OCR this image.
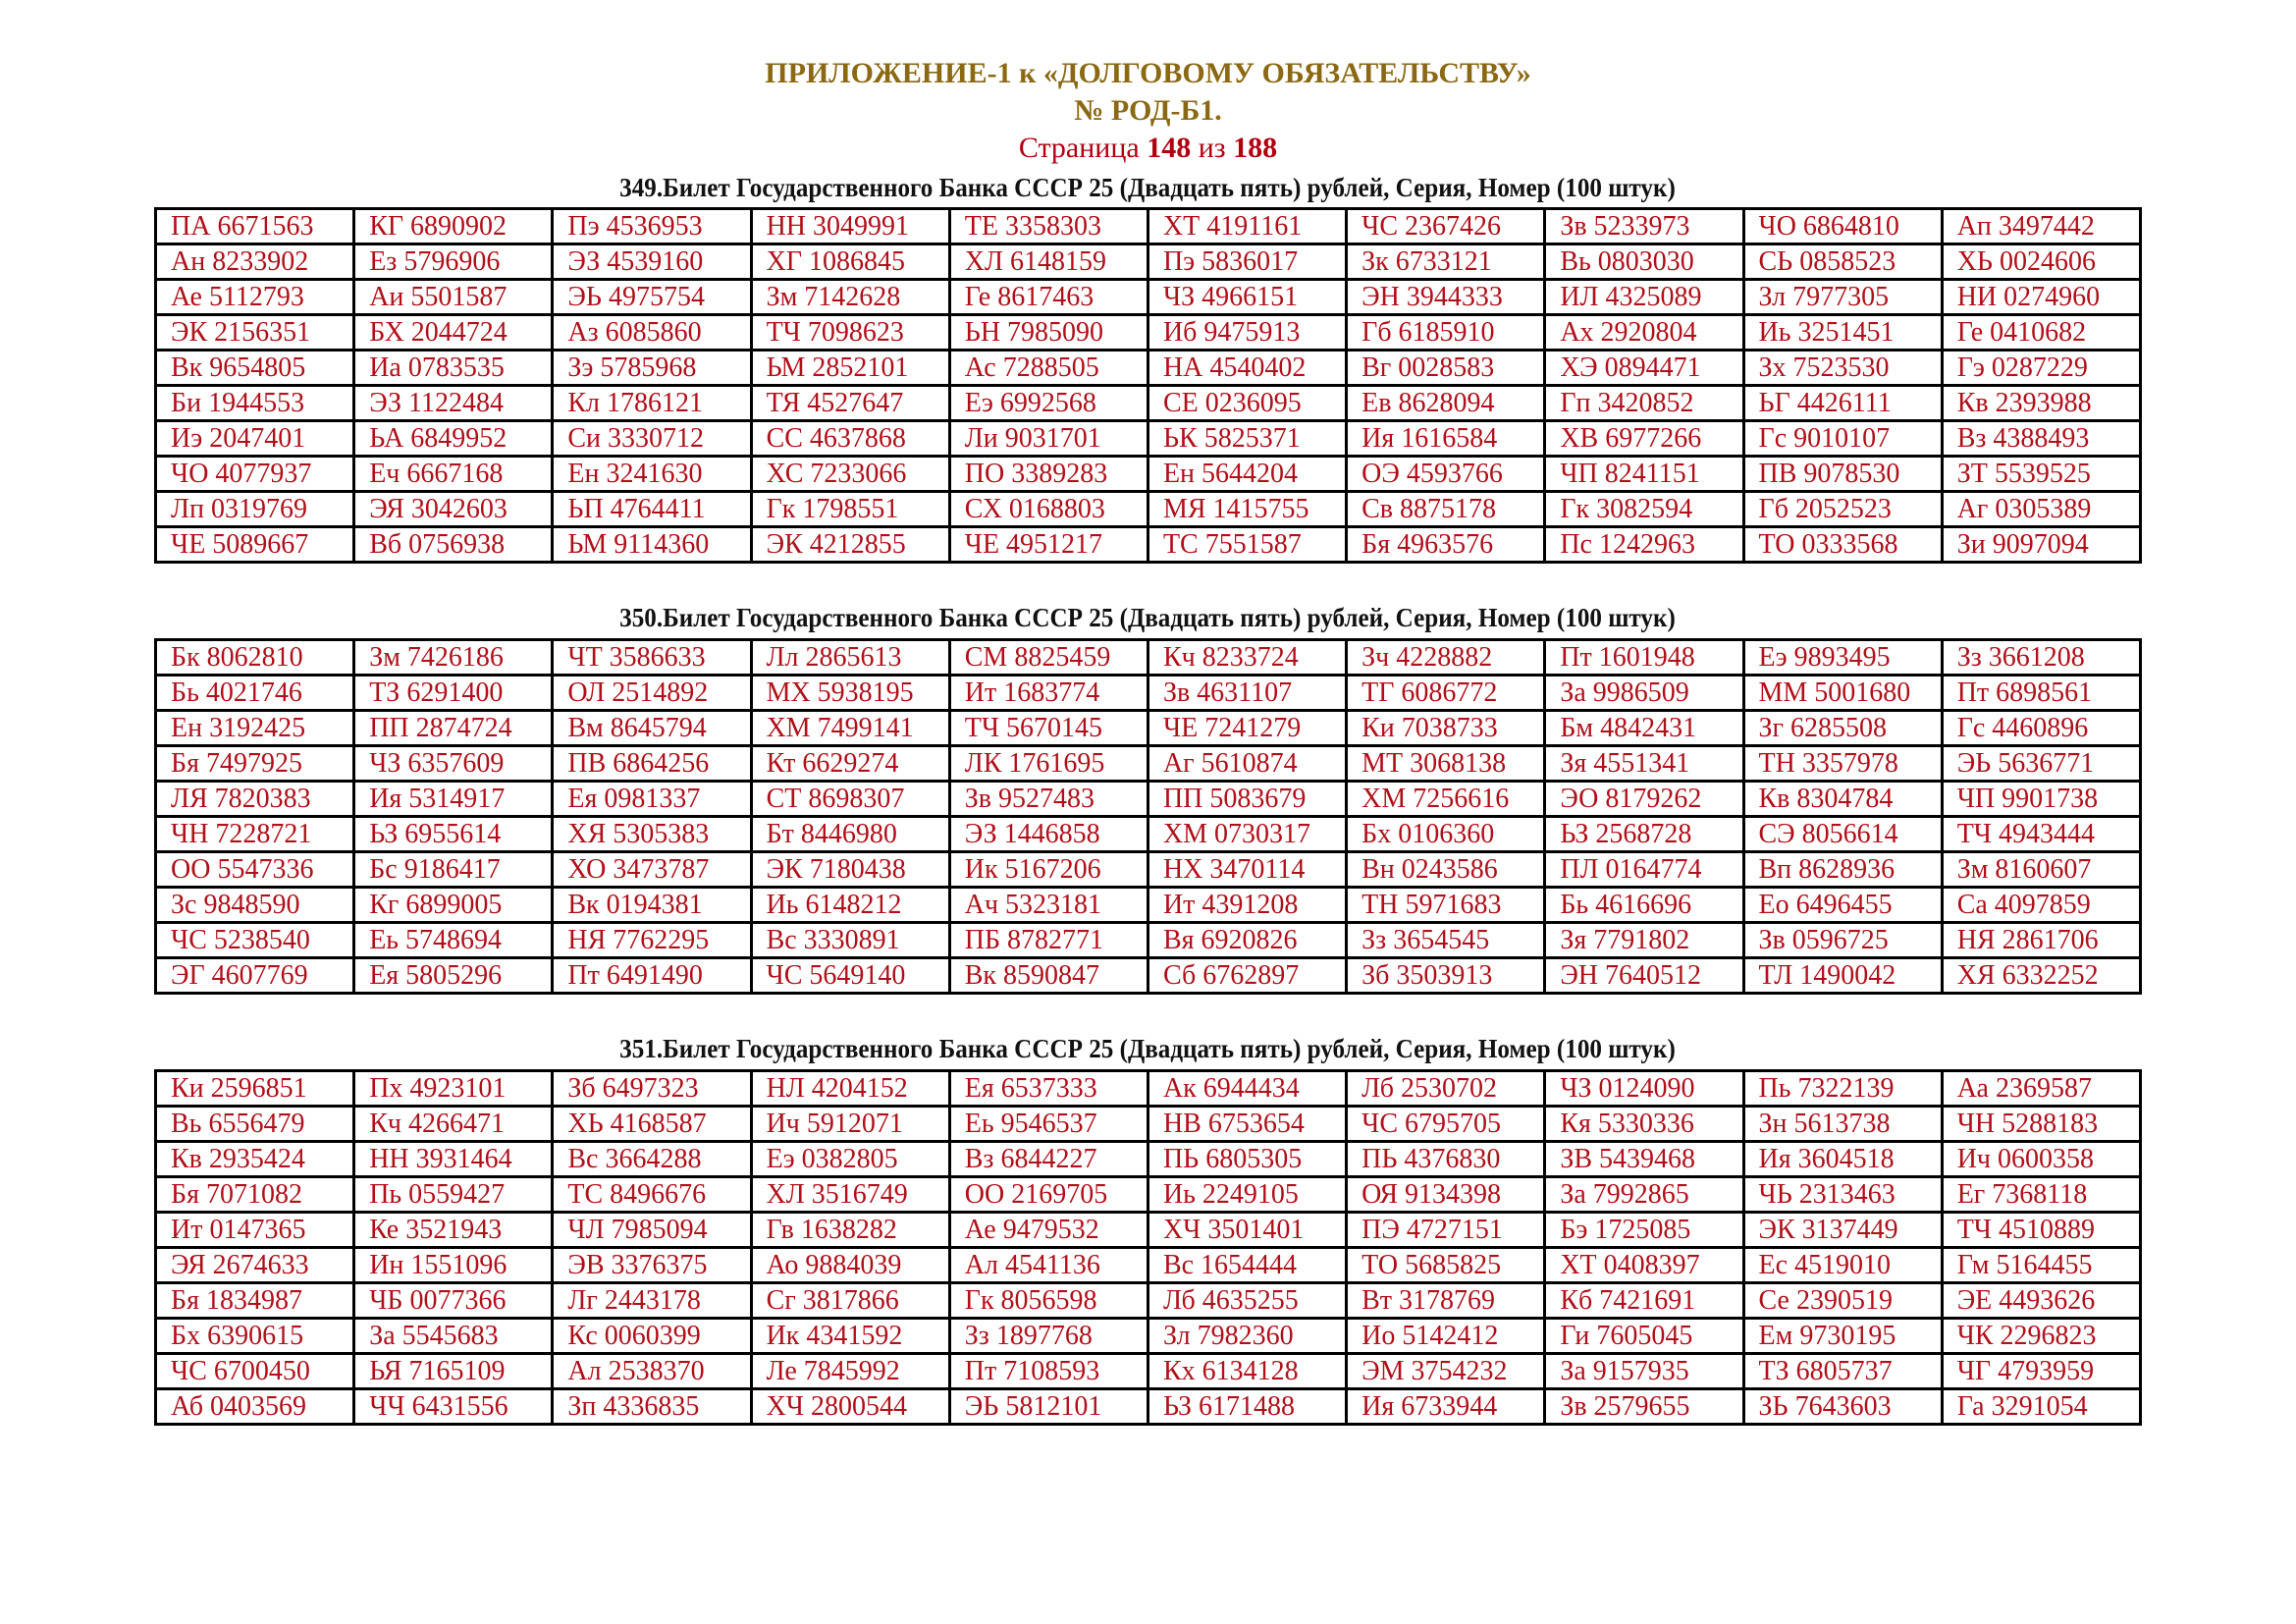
ПРИЛОЖЕНИЕ-1 к «ДОЛГОВОМУ ОБЯЗАТЕЛЬСТВУ»
№ РОД-Б1.
Страница 148 из 188
349.Билет Государственного Банка СССР 25 (Двадцать пять) рублей, Серия, Номер (100 штук)
ПА 6671563	КГ 6890902	Пэ 4536953	НН 3049991	ТЕ 3358303	ХТ 4191161	ЧС 2367426	Зв 5233973	ЧО 6864810	Ап 3497442
Ан 8233902	Ез 5796906	ЭЗ 4539160	ХГ 1086845	ХЛ 6148159	Пэ 5836017	Зк 6733121	Вь 0803030	СЬ 0858523	ХЬ 0024606
Ае 5112793	Аи 5501587	ЭЬ 4975754	Зм 7142628	Ге 8617463	ЧЗ 4966151	ЭН 3944333	ИЛ 4325089	Зл 7977305	НИ 0274960
ЭК 2156351	БХ 2044724	Аз 6085860	ТЧ 7098623	ЬН 7985090	Иб 9475913	Гб 6185910	Ах 2920804	Иь 3251451	Ге 0410682
Вк 9654805	Иа 0783535	Зэ 5785968	ЬМ 2852101	Ас 7288505	НА 4540402	Вг 0028583	ХЭ 0894471	Зх 7523530	Гэ 0287229
Би 1944553	ЭЗ 1122484	Кл 1786121	ТЯ 4527647	Еэ 6992568	СЕ 0236095	Ев 8628094	Гп 3420852	ЬГ 4426111	Кв 2393988
Иэ 2047401	ЬА 6849952	Си 3330712	СС 4637868	Ли 9031701	ЬК 5825371	Ия 1616584	ХВ 6977266	Гс 9010107	Вз 4388493
ЧО 4077937	Еч 6667168	Ен 3241630	ХС 7233066	ПО 3389283	Ен 5644204	ОЭ 4593766	ЧП 8241151	ПВ 9078530	ЗТ 5539525
Лп 0319769	ЭЯ 3042603	ЬП 4764411	Гк 1798551	СХ 0168803	МЯ 1415755	Св 8875178	Гк 3082594	Гб 2052523	Аг 0305389
ЧЕ 5089667	Вб 0756938	ЬМ 9114360	ЭК 4212855	ЧЕ 4951217	ТС 7551587	Бя 4963576	Пс 1242963	ТО 0333568	Зи 9097094
350.Билет Государственного Банка СССР 25 (Двадцать пять) рублей, Серия, Номер (100 штук)
Бк 8062810	Зм 7426186	ЧТ 3586633	Лл 2865613	СМ 8825459	Кч 8233724	Зч 4228882	Пт 1601948	Еэ 9893495	Зз 3661208
Бь 4021746	ТЗ 6291400	ОЛ 2514892	МХ 5938195	Ит 1683774	Зв 4631107	ТГ 6086772	За 9986509	ММ 5001680	Пт 6898561
Ен 3192425	ПП 2874724	Вм 8645794	ХМ 7499141	ТЧ 5670145	ЧЕ 7241279	Ки 7038733	Бм 4842431	Зг 6285508	Гс 4460896
Бя 7497925	ЧЗ 6357609	ПВ 6864256	Кт 6629274	ЛК 1761695	Аг 5610874	МТ 3068138	Зя 4551341	ТН 3357978	ЭЬ 5636771
ЛЯ 7820383	Ия 5314917	Ея 0981337	СТ 8698307	Зв 9527483	ПП 5083679	ХМ 7256616	ЭО 8179262	Кв 8304784	ЧП 9901738
ЧН 7228721	ЬЗ 6955614	ХЯ 5305383	Бт 8446980	ЭЗ 1446858	ХМ 0730317	Бх 0106360	ЬЗ 2568728	СЭ 8056614	ТЧ 4943444
ОО 5547336	Бс 9186417	ХО 3473787	ЭК 7180438	Ик 5167206	НХ 3470114	Вн 0243586	ПЛ 0164774	Вп 8628936	Зм 8160607
Зс 9848590	Кг 6899005	Вк 0194381	Иь 6148212	Ач 5323181	Ит 4391208	ТН 5971683	Бь 4616696	Ео 6496455	Са 4097859
ЧС 5238540	Еь 5748694	НЯ 7762295	Вс 3330891	ПБ 8782771	Вя 6920826	Зз 3654545	Зя 7791802	Зв 0596725	НЯ 2861706
ЭГ 4607769	Ея 5805296	Пт 6491490	ЧС 5649140	Вк 8590847	Сб 6762897	Зб 3503913	ЭН 7640512	ТЛ 1490042	ХЯ 6332252
351.Билет Государственного Банка СССР 25 (Двадцать пять) рублей, Серия, Номер (100 штук)
Ки 2596851	Пх 4923101	Зб 6497323	НЛ 4204152	Ея 6537333	Ак 6944434	Лб 2530702	ЧЗ 0124090	Пь 7322139	Аа 2369587
Вь 6556479	Кч 4266471	ХЬ 4168587	Ич 5912071	Еь 9546537	НВ 6753654	ЧС 6795705	Кя 5330336	Зн 5613738	ЧН 5288183
Кв 2935424	НН 3931464	Вс 3664288	Еэ 0382805	Вз 6844227	ПЬ 6805305	ПЬ 4376830	ЗВ 5439468	Ия 3604518	Ич 0600358
Бя 7071082	Пь 0559427	ТС 8496676	ХЛ 3516749	ОО 2169705	Иь 2249105	ОЯ 9134398	За 7992865	ЧЬ 2313463	Ег 7368118
Ит 0147365	Ке 3521943	ЧЛ 7985094	Гв 1638282	Ае 9479532	ХЧ 3501401	ПЭ 4727151	Бэ 1725085	ЭК 3137449	ТЧ 4510889
ЭЯ 2674633	Ин 1551096	ЭВ 3376375	Ао 9884039	Ал 4541136	Вс 1654444	ТО 5685825	ХТ 0408397	Ес 4519010	Гм 5164455
Бя 1834987	ЧБ 0077366	Лг 2443178	Сг 3817866	Гк 8056598	Лб 4635255	Вт 3178769	Кб 7421691	Се 2390519	ЭЕ 4493626
Бх 6390615	За 5545683	Кс 0060399	Ик 4341592	Зз 1897768	Зл 7982360	Ио 5142412	Ги 7605045	Ем 9730195	ЧК 2296823
ЧС 6700450	ЬЯ 7165109	Ал 2538370	Ле 7845992	Пт 7108593	Кх 6134128	ЭМ 3754232	За 9157935	ТЗ 6805737	ЧГ 4793959
Аб 0403569	ЧЧ 6431556	Зп 4336835	ХЧ 2800544	ЭЬ 5812101	ЬЗ 6171488	Ия 6733944	Зв 2579655	ЗЬ 7643603	Га 3291054
